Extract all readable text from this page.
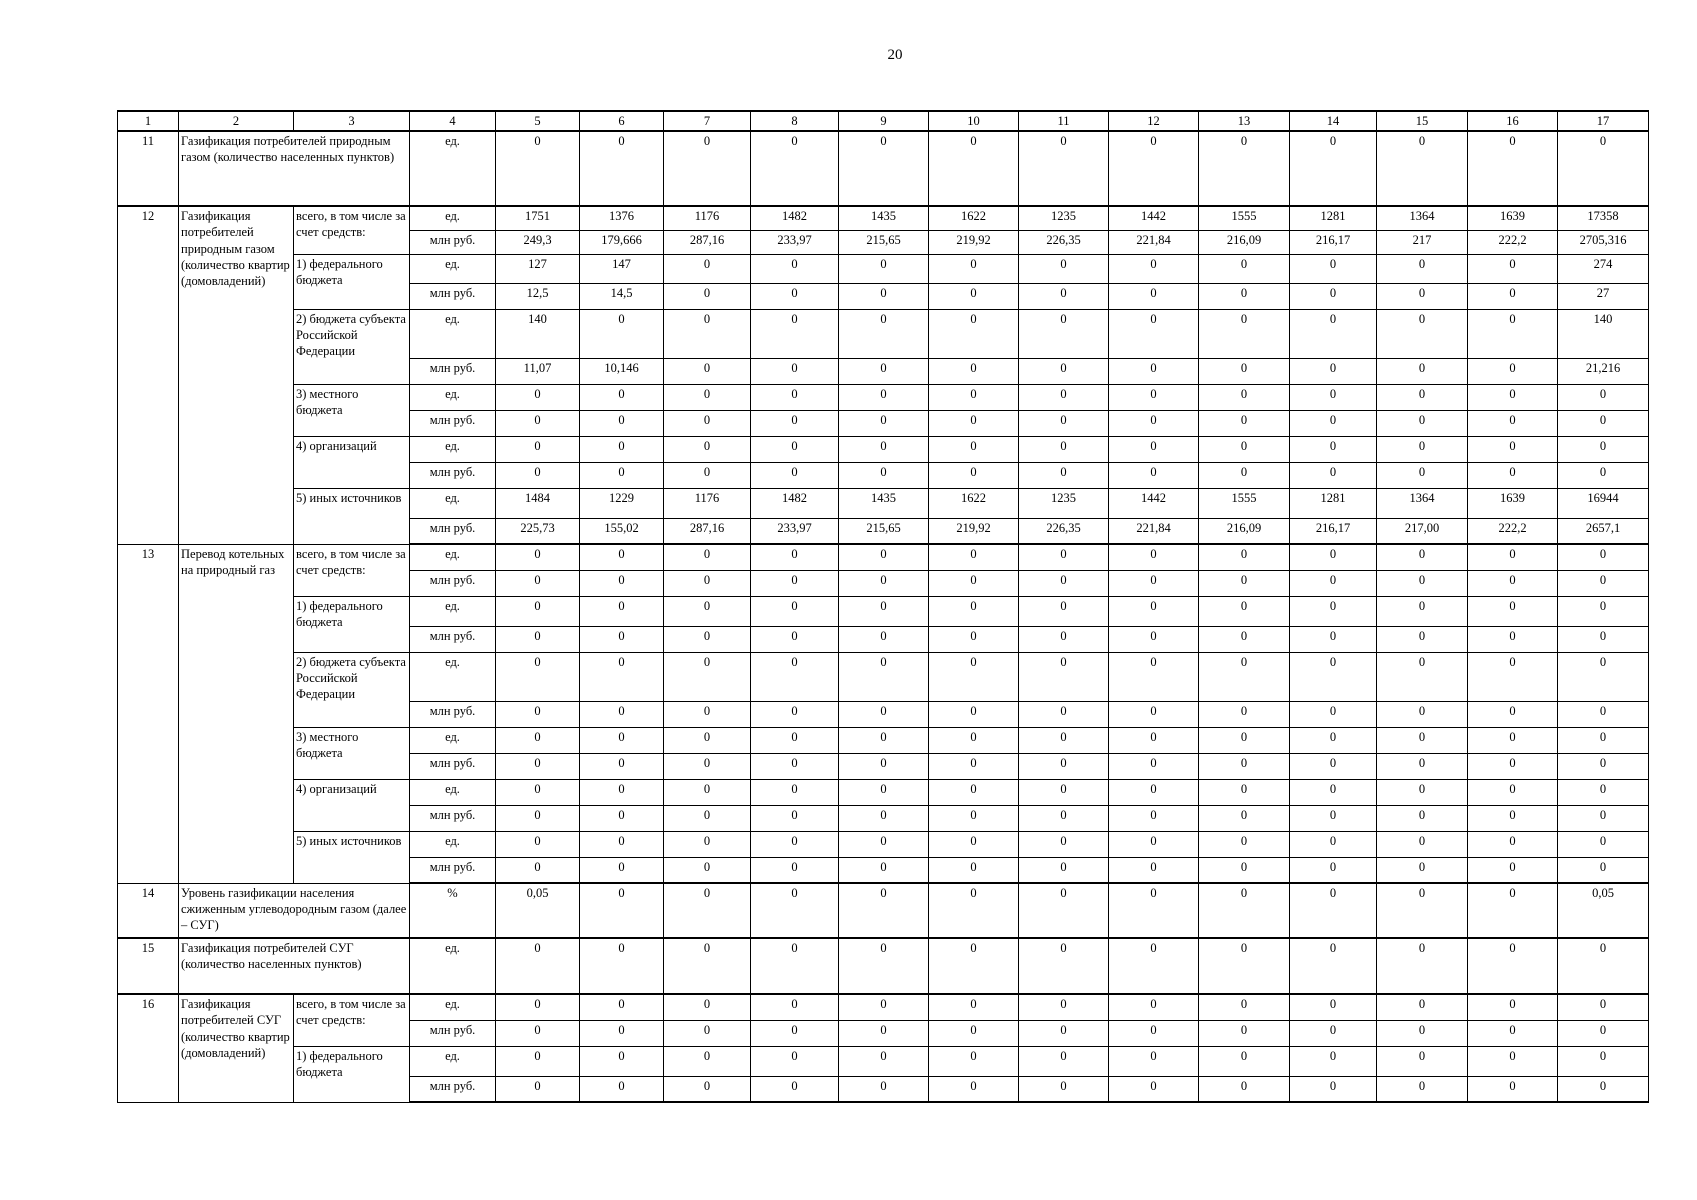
20
1	2	3	4	5	6	7	8	9	10	11	12	13	14	15	16	17
11	Газификация потребителей природным газом (количество населенных пунктов)		ед.	0	0	0	0	0	0	0	0	0	0	0	0	0
12	Газификация потребителей природным газом (количество квартир (домовладений)	всего, в том числе за счет средств:	ед.	1751	1376	1176	1482	1435	1622	1235	1442	1555	1281	1364	1639	17358
			млн руб.	249,3	179,666	287,16	233,97	215,65	219,92	226,35	221,84	216,09	216,17	217	222,2	2705,316
		1) федерального бюджета	ед.	127	147	0	0	0	0	0	0	0	0	0	0	274
			млн руб.	12,5	14,5	0	0	0	0	0	0	0	0	0	0	27
		2) бюджета субъекта Российской Федерации	ед.	140	0	0	0	0	0	0	0	0	0	0	0	140
			млн руб.	11,07	10,146	0	0	0	0	0	0	0	0	0	0	21,216
		3) местного бюджета	ед.	0	0	0	0	0	0	0	0	0	0	0	0	0
			млн руб.	0	0	0	0	0	0	0	0	0	0	0	0	0
		4) организаций	ед.	0	0	0	0	0	0	0	0	0	0	0	0	0
			млн руб.	0	0	0	0	0	0	0	0	0	0	0	0	0
		5) иных источников	ед.	1484	1229	1176	1482	1435	1622	1235	1442	1555	1281	1364	1639	16944
			млн руб.	225,73	155,02	287,16	233,97	215,65	219,92	226,35	221,84	216,09	216,17	217,00	222,2	2657,1
13	Перевод котельных на природный газ	всего, в том числе за счет средств:	ед.	0	0	0	0	0	0	0	0	0	0	0	0	0
			млн руб.	0	0	0	0	0	0	0	0	0	0	0	0	0
		1) федерального бюджета	ед.	0	0	0	0	0	0	0	0	0	0	0	0	0
			млн руб.	0	0	0	0	0	0	0	0	0	0	0	0	0
		2) бюджета субъекта Российской Федерации	ед.	0	0	0	0	0	0	0	0	0	0	0	0	0
			млн руб.	0	0	0	0	0	0	0	0	0	0	0	0	0
		3) местного бюджета	ед.	0	0	0	0	0	0	0	0	0	0	0	0	0
			млн руб.	0	0	0	0	0	0	0	0	0	0	0	0	0
		4) организаций	ед.	0	0	0	0	0	0	0	0	0	0	0	0	0
			млн руб.	0	0	0	0	0	0	0	0	0	0	0	0	0
		5) иных источников	ед.	0	0	0	0	0	0	0	0	0	0	0	0	0
			млн руб.	0	0	0	0	0	0	0	0	0	0	0	0	0
14	Уровень газификации населения сжиженным углеводородным газом (далее – СУГ)		%	0,05	0	0	0	0	0	0	0	0	0	0	0	0,05
15	Газификация потребителей СУГ (количество населенных пунктов)		ед.	0	0	0	0	0	0	0	0	0	0	0	0	0
16	Газификация потребителей СУГ (количество квартир (домовладений)	всего, в том числе за счет средств:	ед.	0	0	0	0	0	0	0	0	0	0	0	0	0
			млн руб.	0	0	0	0	0	0	0	0	0	0	0	0	0
		1) федерального бюджета	ед.	0	0	0	0	0	0	0	0	0	0	0	0	0
			млн руб.	0	0	0	0	0	0	0	0	0	0	0	0	0
